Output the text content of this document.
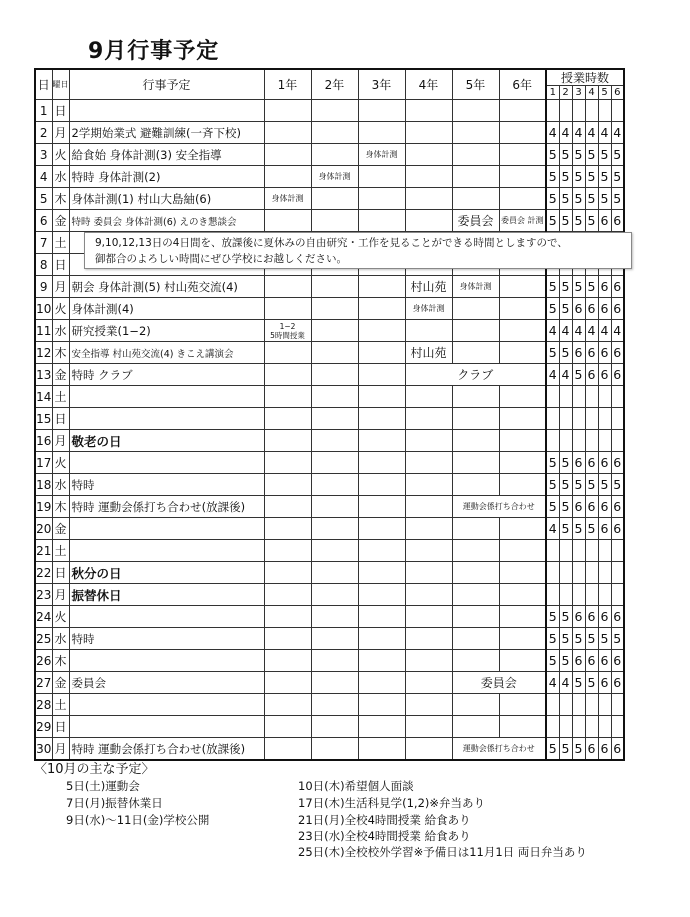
9月行事予定
日	曜日	行事予定	1年	2年	3年	4年	5年	6年	授業時数					
									1	2	3	4	5	6
1	日													
2	月	2学期始業式 避難訓練(一斉下校)							4	4	4	4	4	4
3	火	給食始 身体計測(3) 安全指導			身体計測				5	5	5	5	5	5
4	水	特時 身体計測(2)		身体計測					5	5	5	5	5	5
5	木	身体計測(1) 村山大島紬(6)	身体計測						5	5	5	5	5	5
6	金	特時 委員会 身体計測(6) えのき懇談会					委員会	委員会 計測	5	5	5	5	6	6
7	土													
8	日													
9	月	朝会 身体計測(5) 村山苑交流(4)				村山苑	身体計測		5	5	5	5	6	6
10	火	身体計測(4)				身体計測			5	5	6	6	6	6
11	水	研究授業(1−2)	1−2
5時間授業						4	4	4	4	4	4
12	木	安全指導 村山苑交流(4) きこえ講演会				村山苑			5	5	6	6	6	6
13	金	特時 クラブ				クラブ			4	4	5	6	6	6
14	土													
15	日													
16	月	敬老の日												
17	火								5	5	6	6	6	6
18	水	特時							5	5	5	5	5	5
19	木	特時 運動会係打ち合わせ(放課後)					運動会係打ち合わせ		5	5	6	6	6	6
20	金								4	5	5	5	6	6
21	土													
22	日	秋分の日												
23	月	振替休日												
24	火								5	5	6	6	6	6
25	水	特時							5	5	5	5	5	5
26	木								5	5	6	6	6	6
27	金	委員会					委員会		4	4	5	5	6	6
28	土													
29	日													
30	月	特時 運動会係打ち合わせ(放課後)					運動会係打ち合わせ		5	5	5	6	6	6
9,10,12,13日の4日間を、放課後に夏休みの自由研究・工作を見ることができる時間としますので、
御都合のよろしい時間にぜひ学校にお越しください。
〈10月の主な予定〉
5日(土)運動会
7日(月)振替休業日
9日(水)〜11日(金)学校公開
10日(木)希望個人面談
17日(木)生活科見学(1,2)※弁当あり
21日(月)全校4時間授業 給食あり
23日(水)全校4時間授業 給食あり
25日(木)全校校外学習※予備日は11月1日 両日弁当あり
